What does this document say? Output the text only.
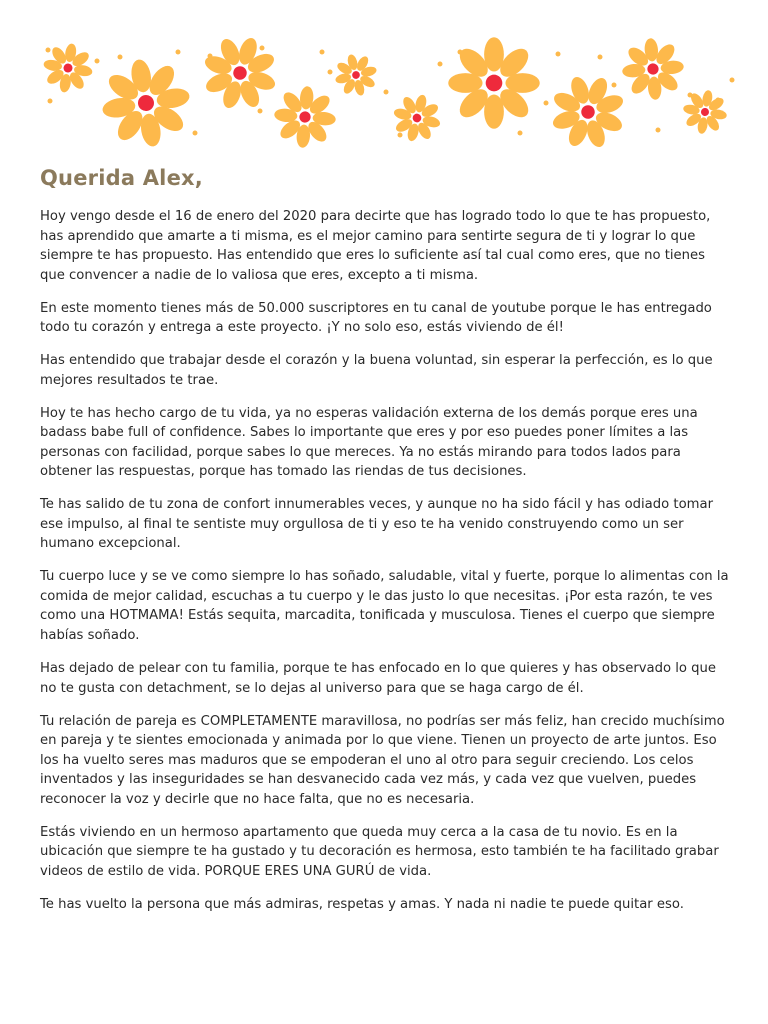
Querida Alex,

Hoy vengo desde el 16 de enero del 2020 para decirte que has logrado todo lo que te has propuesto, has aprendido que amarte a ti misma, es el mejor camino para sentirte segura de ti y lograr lo que siempre te has propuesto. Has entendido que eres lo suficiente así tal cual como eres, que no tienes que convencer a nadie de lo valiosa que eres, excepto a ti misma.

En este momento tienes más de 50.000 suscriptores en tu canal de youtube porque le has entregado todo tu corazón y entrega a este proyecto. ¡Y no solo eso, estás viviendo de él!

Has entendido que trabajar desde el corazón y la buena voluntad, sin esperar la perfección, es lo que mejores resultados te trae.

Hoy te has hecho cargo de tu vida, ya no esperas validación externa de los demás porque eres una badass babe full of confidence. Sabes lo importante que eres y por eso puedes poner límites a las personas con facilidad, porque sabes lo que mereces. Ya no estás mirando para todos lados para obtener las respuestas, porque has tomado las riendas de tus decisiones.

Te has salido de tu zona de confort innumerables veces, y aunque no ha sido fácil y has odiado tomar ese impulso, al final te sentiste muy orgullosa de ti y eso te ha venido construyendo como un ser humano excepcional.

Tu cuerpo luce y se ve como siempre lo has soñado, saludable, vital y fuerte, porque lo alimentas con la comida de mejor calidad, escuchas a tu cuerpo y le das justo lo que necesitas. ¡Por esta razón, te ves como una HOTMAMA! Estás sequita, marcadita, tonificada y musculosa. Tienes el cuerpo que siempre habías soñado.

Has dejado de pelear con tu familia, porque te has enfocado en lo que quieres y has observado lo que no te gusta con detachment, se lo dejas al universo para que se haga cargo de él.

Tu relación de pareja es COMPLETAMENTE maravillosa, no podrías ser más feliz, han crecido muchísimo en pareja y te sientes emocionada y animada por lo que viene. Tienen un proyecto de arte juntos. Eso los ha vuelto seres mas maduros que se empoderan el uno al otro para seguir creciendo. Los celos inventados y las inseguridades se han desvanecido cada vez más, y cada vez que vuelven, puedes reconocer la voz y decirle que no hace falta, que no es necesaria.

Estás viviendo en un hermoso apartamento que queda muy cerca a la casa de tu novio. Es en la ubicación que siempre te ha gustado y tu decoración es hermosa, esto también te ha facilitado grabar videos de estilo de vida. PORQUE ERES UNA GURÚ de vida.

Te has vuelto la persona que más admiras, respetas y amas. Y nada ni nadie te puede quitar eso.
